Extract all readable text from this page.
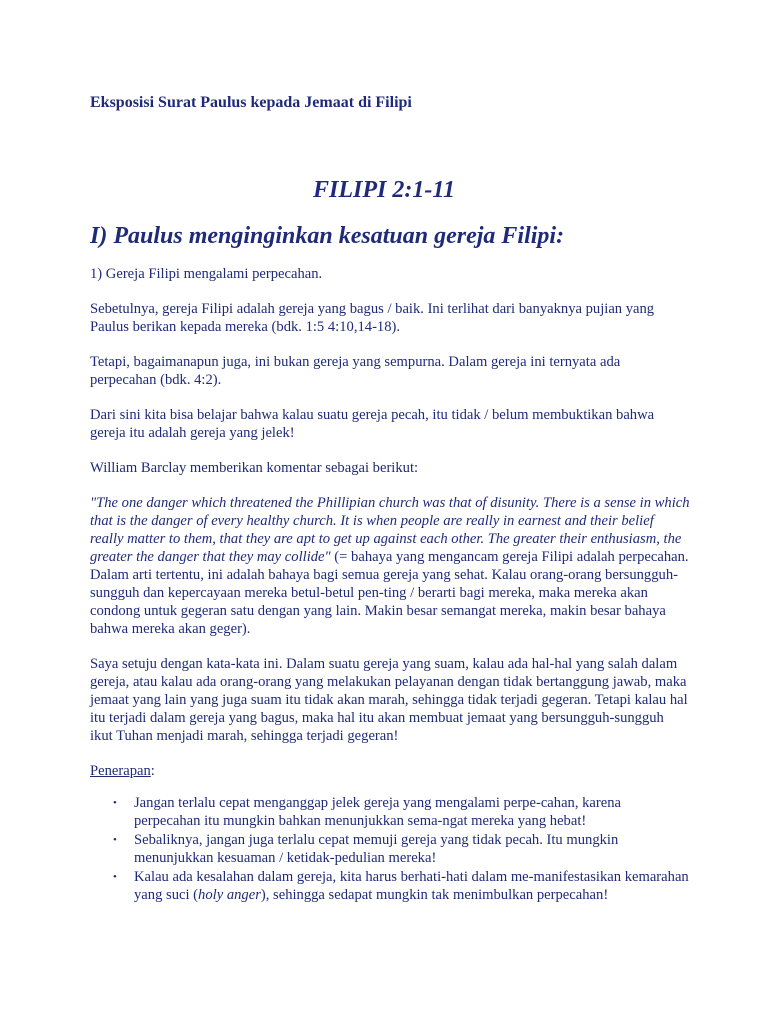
Eksposisi Surat Paulus kepada Jemaat di Filipi
FILIPI 2:1-11
I) Paulus menginginkan kesatuan gereja Filipi:

1) Gereja Filipi mengalami perpecahan.

Sebetulnya, gereja Filipi adalah gereja yang bagus / baik. Ini terlihat dari banyaknya pujian yang Paulus berikan kepada mereka (bdk. 1:5 4:10,14-18).

Tetapi, bagaimanapun juga, ini bukan gereja yang sempurna. Dalam gereja ini ternyata ada perpecahan (bdk. 4:2).

Dari sini kita bisa belajar bahwa kalau suatu gereja pecah, itu tidak / belum membuktikan bahwa gereja itu adalah gereja yang jelek!

William Barclay memberikan komentar sebagai berikut:

"The one danger which threatened the Phillipian church was that of disunity. There is a sense in which that is the danger of every healthy church. It is when people are really in earnest and their belief really matter to them, that they are apt to get up against each other. The greater their enthusiasm, the greater the danger that they may collide" (= bahaya yang mengancam gereja Filipi adalah perpecahan. Dalam arti tertentu, ini adalah bahaya bagi semua gereja yang sehat. Kalau orang-orang bersungguh-sungguh dan kepercayaan mereka betul-betul pen-ting / berarti bagi mereka, maka mereka akan condong untuk gegeran satu dengan yang lain. Makin besar semangat mereka, makin besar bahaya bahwa mereka akan geger).

Saya setuju dengan kata-kata ini. Dalam suatu gereja yang suam, kalau ada hal-hal yang salah dalam gereja, atau kalau ada orang-orang yang melakukan pelayanan dengan tidak bertanggung jawab, maka jemaat yang lain yang juga suam itu tidak akan marah, sehingga tidak terjadi gegeran. Tetapi kalau hal itu terjadi dalam gereja yang bagus, maka hal itu akan membuat jemaat yang bersungguh-sungguh ikut Tuhan menjadi marah, sehingga terjadi gegeran!

Penerapan:

• Jangan terlalu cepat menganggap jelek gereja yang mengalami perpe-cahan, karena perpecahan itu mungkin bahkan menunjukkan sema-ngat mereka yang hebat!
• Sebaliknya, jangan juga terlalu cepat memuji gereja yang tidak pecah. Itu mungkin menunjukkan kesuaman / ketidak-pedulian mereka!
• Kalau ada kesalahan dalam gereja, kita harus berhati-hati dalam me-manifestasikan kemarahan yang suci (holy anger), sehingga sedapat mungkin tak menimbulkan perpecahan!
